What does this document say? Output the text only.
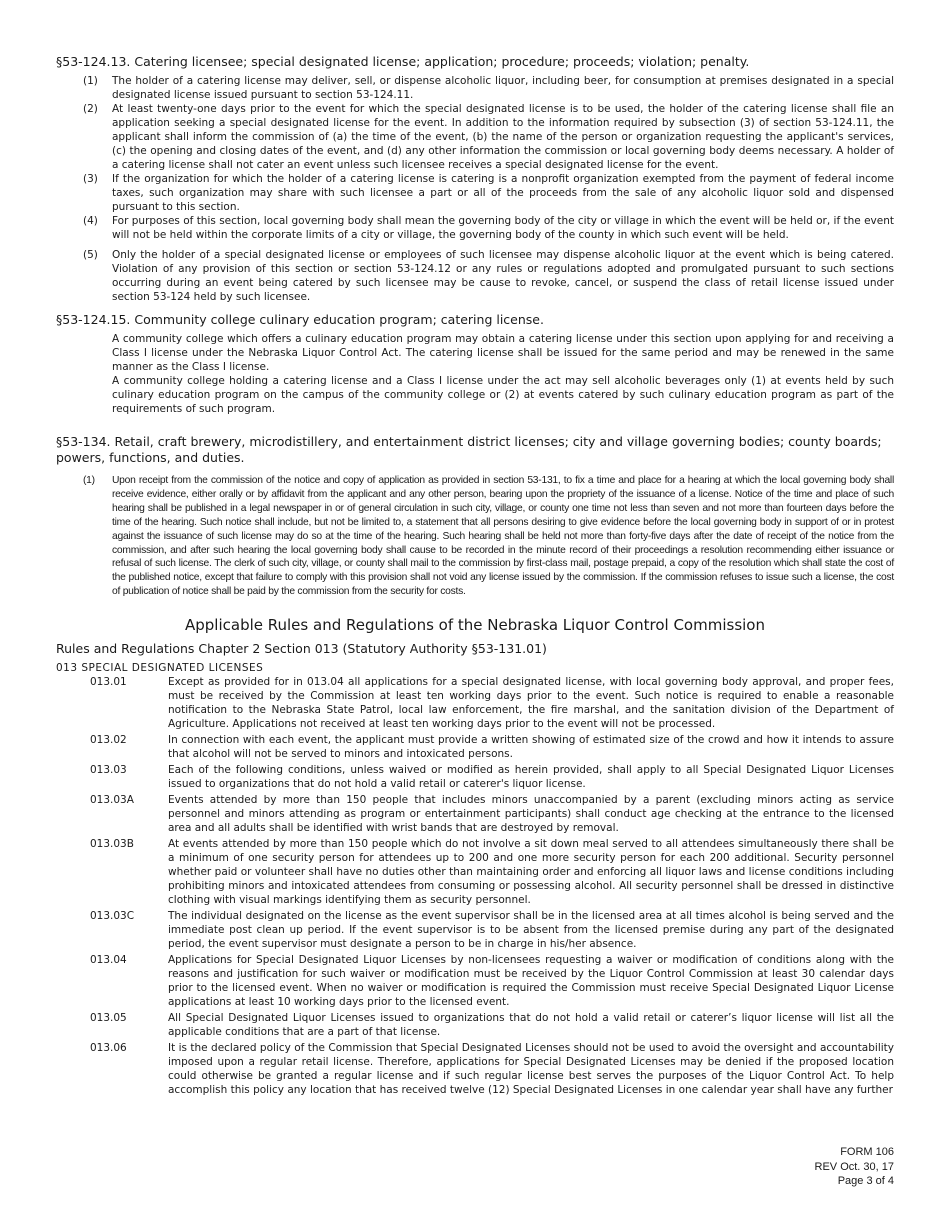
§53-124.13. Catering licensee; special designated license; application; procedure; proceeds; violation; penalty.

(1)	The holder of a catering license may deliver, sell, or dispense alcoholic liquor, including beer, for consumption at premises designated in a special designated license issued pursuant to section 53-124.11.
(2)	At least twenty-one days prior to the event for which the special designated license is to be used, the holder of the catering license shall file an application seeking a special designated license for the event. In addition to the information required by subsection (3) of section 53-124.11, the applicant shall inform the commission of (a) the time of the event, (b) the name of the person or organization requesting the applicant's services, (c) the opening and closing dates of the event, and (d) any other information the commission or local governing body deems necessary. A holder of a catering license shall not cater an event unless such licensee receives a special designated license for the event.
(3)	If the organization for which the holder of a catering license is catering is a nonprofit organization exempted from the payment of federal income taxes, such organization may share with such licensee a part or all of the proceeds from the sale of any alcoholic liquor sold and dispensed pursuant to this section.
(4)	For purposes of this section, local governing body shall mean the governing body of the city or village in which the event will be held or, if the event will not be held within the corporate limits of a city or village, the governing body of the county in which such event will be held.
(5)	Only the holder of a special designated license or employees of such licensee may dispense alcoholic liquor at the event which is being catered. Violation of any provision of this section or section 53-124.12 or any rules or regulations adopted and promulgated pursuant to such sections occurring during an event being catered by such licensee may be cause to revoke, cancel, or suspend the class of retail license issued under section 53-124 held by such licensee.

§53-124.15. Community college culinary education program; catering license.

A community college which offers a culinary education program may obtain a catering license under this section upon applying for and receiving a Class I license under the Nebraska Liquor Control Act. The catering license shall be issued for the same period and may be renewed in the same manner as the Class I license.

A community college holding a catering license and a Class I license under the act may sell alcoholic beverages only (1) at events held by such culinary education program on the campus of the community college or (2) at events catered by such culinary education program as part of the requirements of such program.

§53-134. Retail, craft brewery, microdistillery, and entertainment district licenses; city and village governing bodies; county boards; powers, functions, and duties.

(1)	Upon receipt from the commission of the notice and copy of application as provided in section 53-131, to fix a time and place for a hearing at which the local governing body shall receive evidence, either orally or by affidavit from the applicant and any other person, bearing upon the propriety of the issuance of a license. Notice of the time and place of such hearing shall be published in a legal newspaper in or of general circulation in such city, village, or county one time not less than seven and not more than fourteen days before the time of the hearing. Such notice shall include, but not be limited to, a statement that all persons desiring to give evidence before the local governing body in support of or in protest against the issuance of such license may do so at the time of the hearing. Such hearing shall be held not more than forty-five days after the date of receipt of the notice from the commission, and after such hearing the local governing body shall cause to be recorded in the minute record of their proceedings a resolution recommending either issuance or refusal of such license. The clerk of such city, village, or county shall mail to the commission by first-class mail, postage prepaid, a copy of the resolution which shall state the cost of the published notice, except that failure to comply with this provision shall not void any license issued by the commission. If the commission refuses to issue such a license, the cost of publication of notice shall be paid by the commission from the security for costs.

Applicable Rules and Regulations of the Nebraska Liquor Control Commission

Rules and Regulations Chapter 2 Section 013 (Statutory Authority §53-131.01)

013 SPECIAL DESIGNATED LICENSES

013.01	Except as provided for in 013.04 all applications for a special designated license, with local governing body approval, and proper fees, must be received by the Commission at least ten working days prior to the event. Such notice is required to enable a reasonable notification to the Nebraska State Patrol, local law enforcement, the fire marshal, and the sanitation division of the Department of Agriculture. Applications not received at least ten working days prior to the event will not be processed.
013.02	In connection with each event, the applicant must provide a written showing of estimated size of the crowd and how it intends to assure that alcohol will not be served to minors and intoxicated persons.
013.03	Each of the following conditions, unless waived or modified as herein provided, shall apply to all Special Designated Liquor Licenses issued to organizations that do not hold a valid retail or caterer's liquor license.
013.03A	Events attended by more than 150 people that includes minors unaccompanied by a parent (excluding minors acting as service personnel and minors attending as program or entertainment participants) shall conduct age checking at the entrance to the licensed area and all adults shall be identified with wrist bands that are destroyed by removal.
013.03B	At events attended by more than 150 people which do not involve a sit down meal served to all attendees simultaneously there shall be a minimum of one security person for attendees up to 200 and one more security person for each 200 additional. Security personnel whether paid or volunteer shall have no duties other than maintaining order and enforcing all liquor laws and license conditions including prohibiting minors and intoxicated attendees from consuming or possessing alcohol. All security personnel shall be dressed in distinctive clothing with visual markings identifying them as security personnel.
013.03C	The individual designated on the license as the event supervisor shall be in the licensed area at all times alcohol is being served and the immediate post clean up period. If the event supervisor is to be absent from the licensed premise during any part of the designated period, the event supervisor must designate a person to be in charge in his/her absence.
013.04	Applications for Special Designated Liquor Licenses by non-licensees requesting a waiver or modification of conditions along with the reasons and justification for such waiver or modification must be received by the Liquor Control Commission at least 30 calendar days prior to the licensed event. When no waiver or modification is required the Commission must receive Special Designated Liquor License applications at least 10 working days prior to the licensed event.
013.05	All Special Designated Liquor Licenses issued to organizations that do not hold a valid retail or caterer’s liquor license will list all the applicable conditions that are a part of that license.
013.06	It is the declared policy of the Commission that Special Designated Licenses should not be used to avoid the oversight and accountability imposed upon a regular retail license. Therefore, applications for Special Designated Licenses may be denied if the proposed location could otherwise be granted a regular license and if such regular license best serves the purposes of the Liquor Control Act. To help accomplish this policy any location that has received twelve (12) Special Designated Licenses in one calendar year shall have any further
FORM 106
REV Oct. 30, 17
Page 3 of 4
